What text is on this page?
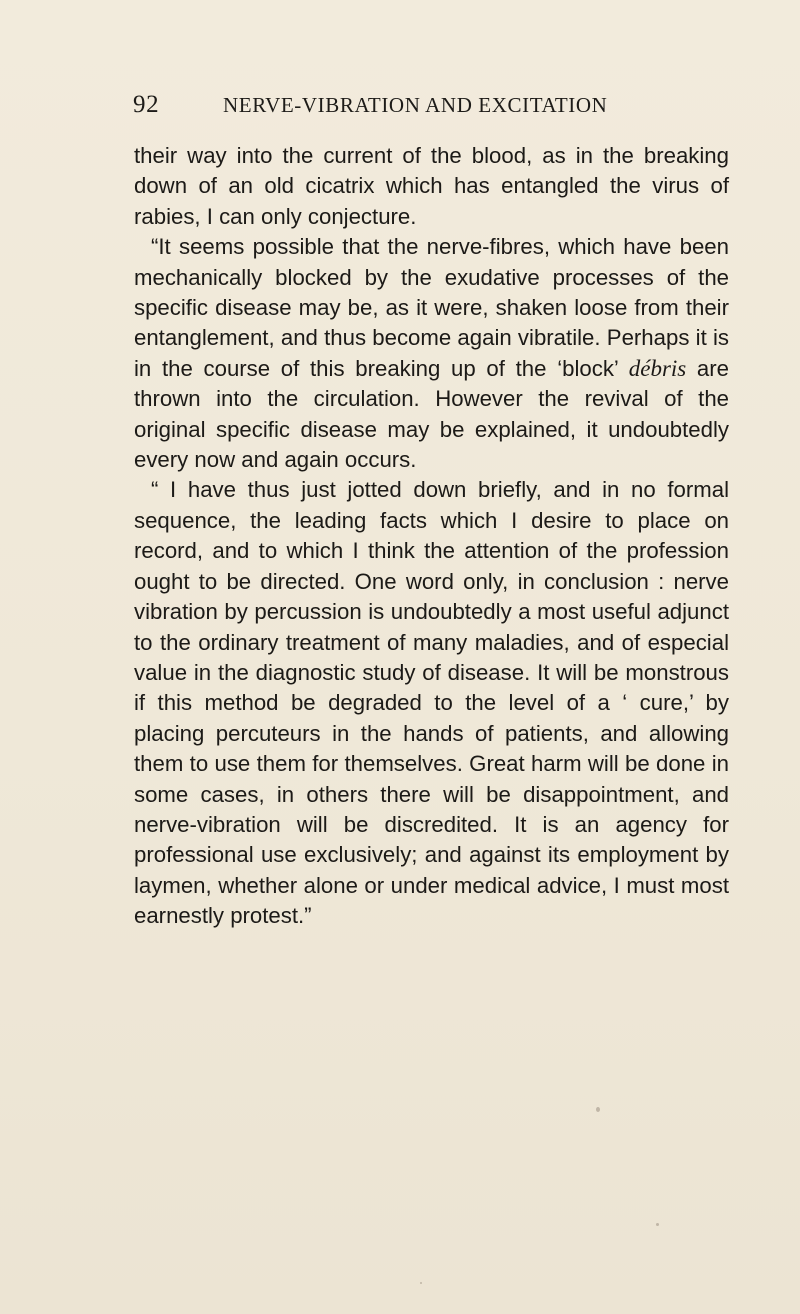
92	NERVE-VIBRATION AND EXCITATION

their way into the current of the blood, as in the breaking down of an old cicatrix which has entangled the virus of rabies, I can only conjecture.

“It seems possible that the nerve-fibres, which have been mechanically blocked by the exudative processes of the specific disease may be, as it were, shaken loose from their entanglement, and thus become again vibratile. Perhaps it is in the course of this breaking up of the ‘block’ débris are thrown into the circulation. However the revival of the original specific disease may be explained, it undoubtedly every now and again occurs.

“ I have thus just jotted down briefly, and in no formal sequence, the leading facts which I desire to place on record, and to which I think the attention of the profession ought to be directed. One word only, in conclusion : nerve vibration by percussion is undoubtedly a most useful adjunct to the ordinary treatment of many maladies, and of especial value in the diagnostic study of disease. It will be monstrous if this method be degraded to the level of a ‘ cure,’ by placing percuteurs in the hands of patients, and allowing them to use them for themselves. Great harm will be done in some cases, in others there will be disappointment, and nerve-vibration will be discredited. It is an agency for professional use exclusively; and against its employment by laymen, whether alone or under medical advice, I must most earnestly protest.”
